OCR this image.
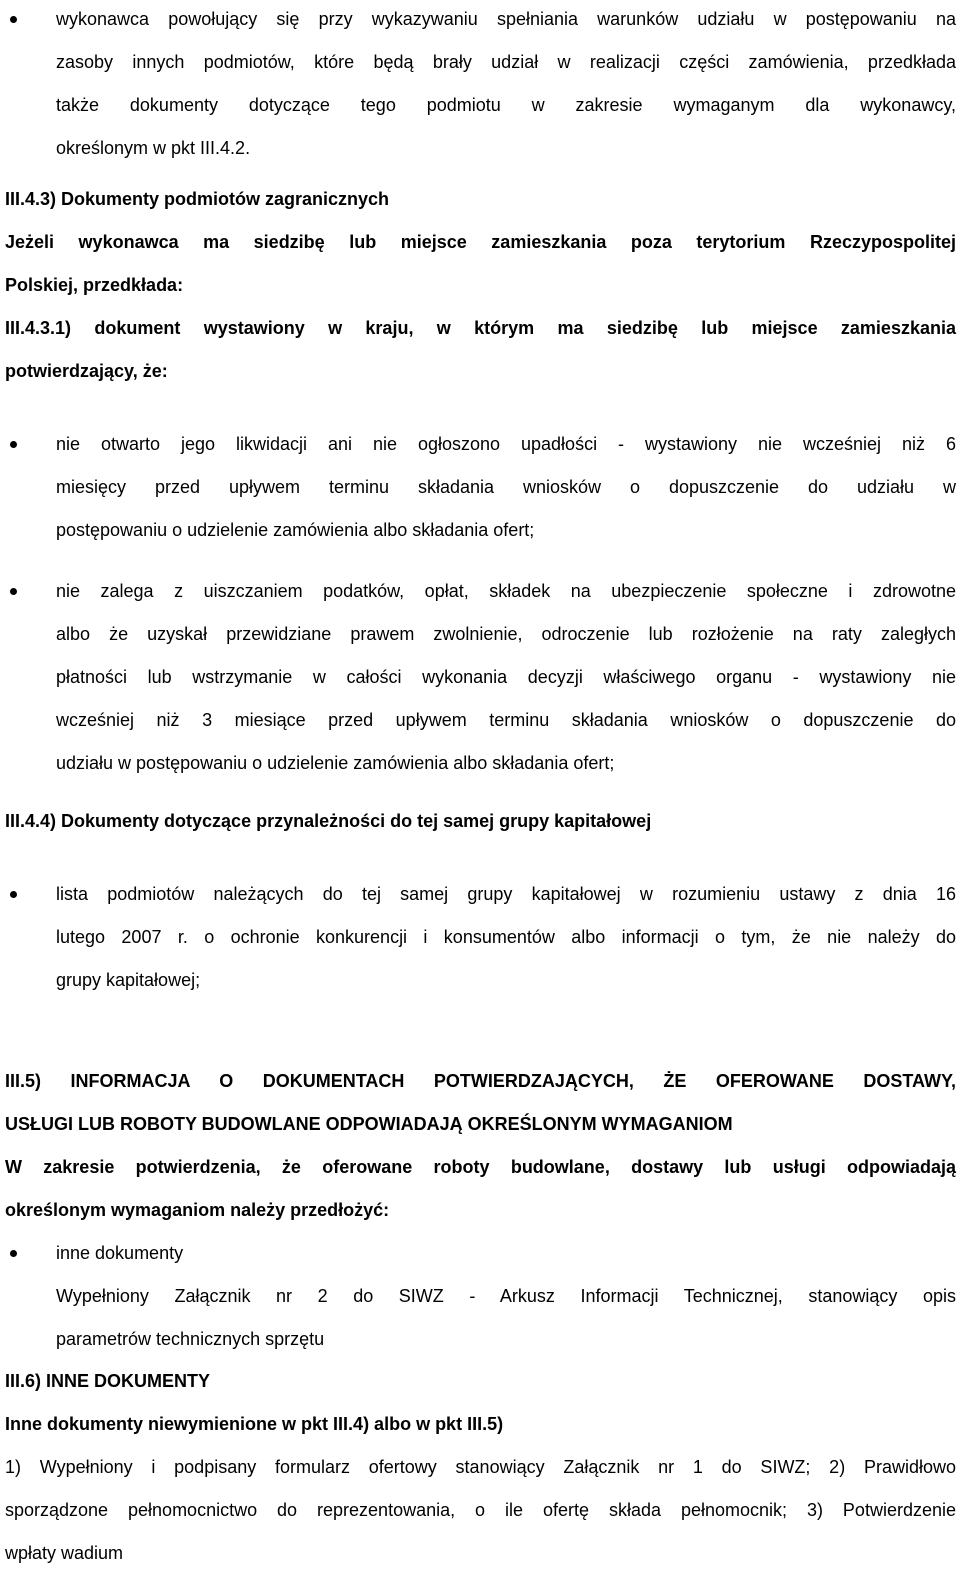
wykonawca powołujący się przy wykazywaniu spełniania warunków udziału w postępowaniu na
zasoby innych podmiotów, które będą brały udział w realizacji części zamówienia, przedkłada
także dokumenty dotyczące tego podmiotu w zakresie wymaganym dla wykonawcy,
określonym w pkt III.4.2.
III.4.3) Dokumenty podmiotów zagranicznych
Jeżeli wykonawca ma siedzibę lub miejsce zamieszkania poza terytorium Rzeczypospolitej
Polskiej, przedkłada:
III.4.3.1) dokument wystawiony w kraju, w którym ma siedzibę lub miejsce zamieszkania
potwierdzający, że:
nie otwarto jego likwidacji ani nie ogłoszono upadłości - wystawiony nie wcześniej niż 6
miesięcy przed upływem terminu składania wniosków o dopuszczenie do udziału w
postępowaniu o udzielenie zamówienia albo składania ofert;
nie zalega z uiszczaniem podatków, opłat, składek na ubezpieczenie społeczne i zdrowotne
albo że uzyskał przewidziane prawem zwolnienie, odroczenie lub rozłożenie na raty zaległych
płatności lub wstrzymanie w całości wykonania decyzji właściwego organu - wystawiony nie
wcześniej niż 3 miesiące przed upływem terminu składania wniosków o dopuszczenie do
udziału w postępowaniu o udzielenie zamówienia albo składania ofert;
III.4.4) Dokumenty dotyczące przynależności do tej samej grupy kapitałowej
lista podmiotów należących do tej samej grupy kapitałowej w rozumieniu ustawy z dnia 16
lutego 2007 r. o ochronie konkurencji i konsumentów albo informacji o tym, że nie należy do
grupy kapitałowej;
III.5) INFORMACJA O DOKUMENTACH POTWIERDZAJĄCYCH, ŻE OFEROWANE DOSTAWY,
USŁUGI LUB ROBOTY BUDOWLANE ODPOWIADAJĄ OKREŚLONYM WYMAGANIOM
W zakresie potwierdzenia, że oferowane roboty budowlane, dostawy lub usługi odpowiadają
określonym wymaganiom należy przedłożyć:
inne dokumenty
Wypełniony Załącznik nr 2 do SIWZ - Arkusz Informacji Technicznej, stanowiący opis
parametrów technicznych sprzętu
III.6) INNE DOKUMENTY
Inne dokumenty niewymienione w pkt III.4) albo w pkt III.5)
1) Wypełniony i podpisany formularz ofertowy stanowiący Załącznik nr 1 do SIWZ; 2) Prawidłowo
sporządzone pełnomocnictwo do reprezentowania, o ile ofertę składa pełnomocnik; 3) Potwierdzenie
wpłaty wadium
